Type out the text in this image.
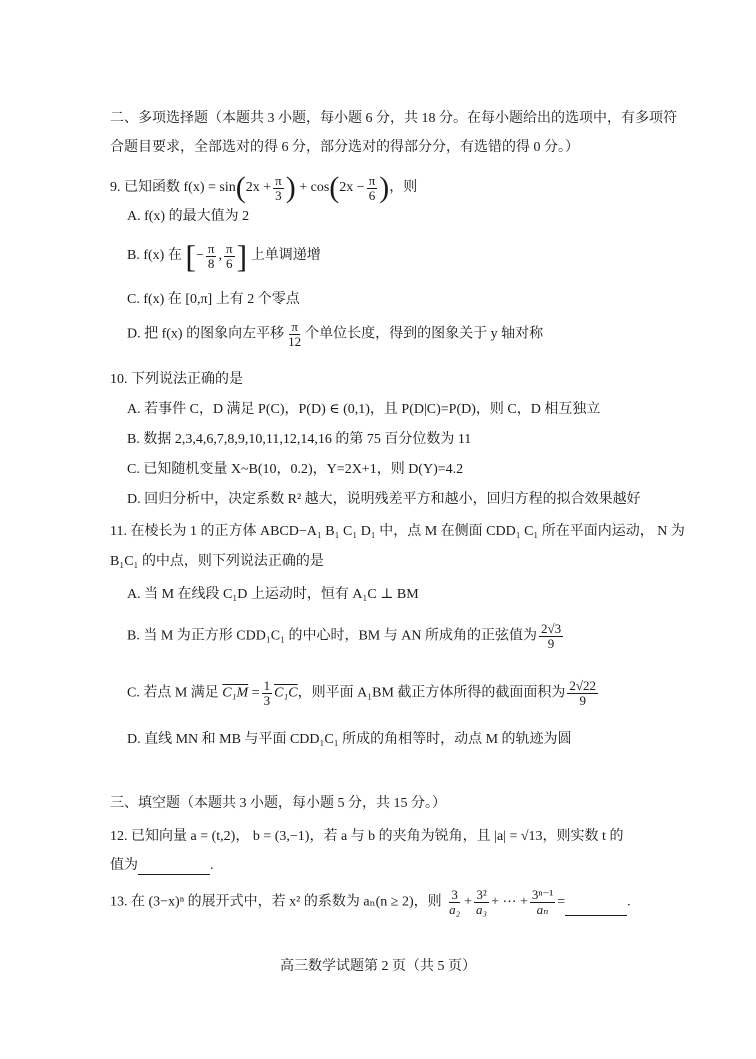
二、多项选择题（本题共 3 小题，每小题 6 分，共 18 分。在每小题给出的选项中，有多项符
合题目要求，全部选对的得 6 分，部分选对的得部分分，有选错的得 0 分。）
9. 已知函数 $f(x) = \sin(2x + \frac{\pi}{3}$ ) + $\cos(2x - \frac{\pi}{6}$ )，则
A. f(x) 的最大值为 2
B. f(x) 在 [− $\frac{\pi}{8}$ , $\frac{\pi}{6}$ ] 上单调递增
C. f(x) 在 [0,π] 上有 2 个零点
D. 把 f(x) 的图象向左平移 $\frac{\pi}{12}$ 个单位长度，得到的图象关于 y 轴对称
10. 下列说法正确的是
A. 若事件 C，D 满足 P(C)，P(D) ∈ (0,1)，且 P(D|C)=P(D)，则 C，D 相互独立
B. 数据 2,3,4,6,7,8,9,10,11,12,14,16 的第 75 百分位数为 11
C. 已知随机变量 X~B(10，0.2)，Y=2X+1，则 D(Y)=4.2
D. 回归分析中，决定系数 R² 越大，说明残差平方和越小，回归方程的拟合效果越好
11. 在棱长为 1 的正方体 ABCD−A₁ B₁ C₁ D₁ 中，点 M 在侧面 CDD₁ C₁ 所在平面内运动， N 为
B₁C₁ 的中点，则下列说法正确的是
A. 当 M 在线段 C₁D 上运动时，恒有 A₁C ⊥ BM
B. 当 M 为正方形 CDD₁C₁ 的中心时，BM 与 AN 所成角的正弦值为 $\frac{2√3}{9}$
C. 若点 M 满足 $C_1M = \frac{1}{3} C_1C$，则平面 A₁BM 截正方体所得的截面面积为 $\frac{2√22}{9}$
D. 直线 MN 和 MB 与平面 CDD₁C₁ 所成的角相等时，动点 M 的轨迹为圆
三、填空题（本题共 3 小题，每小题 5 分，共 15 分。）
12. 已知向量 a = (t,2)， b = (3,−1)，若 a 与 b 的夹角为锐角，且 |a| = √13，则实数 t 的
值为	.
13. 在 (3−x)ⁿ 的展开式中，若 x² 的系数为 aₙ(n ≥ 2)，则 $\frac{3}{\text{a₂}} + \frac{\text{3²}}{\text{a₃}}$ + ⋯ + $\frac{\text{3ⁿ⁻¹}}{\text{aₙ}}$ =	.
高三数学试题第 2 页（共 5 页）
